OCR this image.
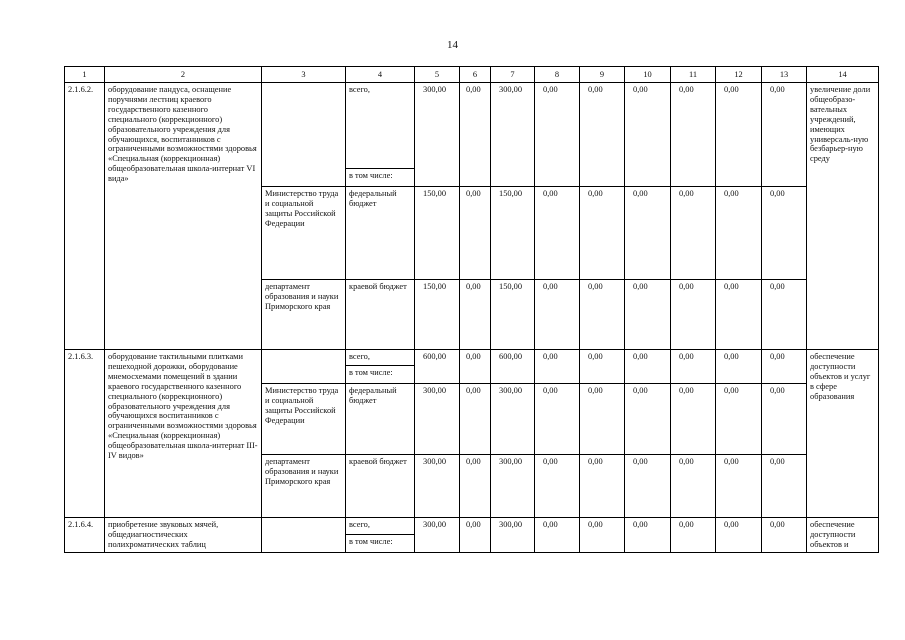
14
1	2	3	4	5	6	7	8	9	10	11	12	13	14
2.1.6.2.	оборудование пандуса, оснащение поручнями лестниц краевого государственного казенного специального (коррекционного) образовательного учреждения для обучающихся, воспитанников с ограниченными возможностями здоровья «Специальная (коррекционная) общеобразовательная школа-интернат VI вида»		всего,	300,00	0,00	300,00	0,00	0,00	0,00	0,00	0,00	0,00	увеличение доли общеобразо-вательных учреждений, имеющих универсаль-ную безбарьер-ную среду
			в том числе:										
		Министерство труда и социальной защиты Российской Федерации	федеральный бюджет	150,00	0,00	150,00	0,00	0,00	0,00	0,00	0,00	0,00	
		департамент образования и науки Приморского края	краевой бюджет	150,00	0,00	150,00	0,00	0,00	0,00	0,00	0,00	0,00	
2.1.6.3.	оборудование тактильными плитками пешеходной дорожки, оборудование мнемосхемами помещений в здании краевого государственного казенного специального (коррекционного) образовательного учреждения для обучающихся воспитанников с ограниченными возможностями здоровья «Специальная (коррекционная) общеобразовательная школа-интернат III-IV видов»		всего,	600,00	0,00	600,00	0,00	0,00	0,00	0,00	0,00	0,00	обеспечение доступности объектов и услуг в сфере образования
			в том числе:										
		Министерство труда и социальной защиты Российской Федерации	федеральный бюджет	300,00	0,00	300,00	0,00	0,00	0,00	0,00	0,00	0,00	
		департамент образования и науки Приморского края	краевой бюджет	300,00	0,00	300,00	0,00	0,00	0,00	0,00	0,00	0,00	
2.1.6.4.	приобретение звуковых мячей, общедиагностических полихроматических таблиц		всего,	300,00	0,00	300,00	0,00	0,00	0,00	0,00	0,00	0,00	обеспечение доступности объектов и
			в том числе:										
